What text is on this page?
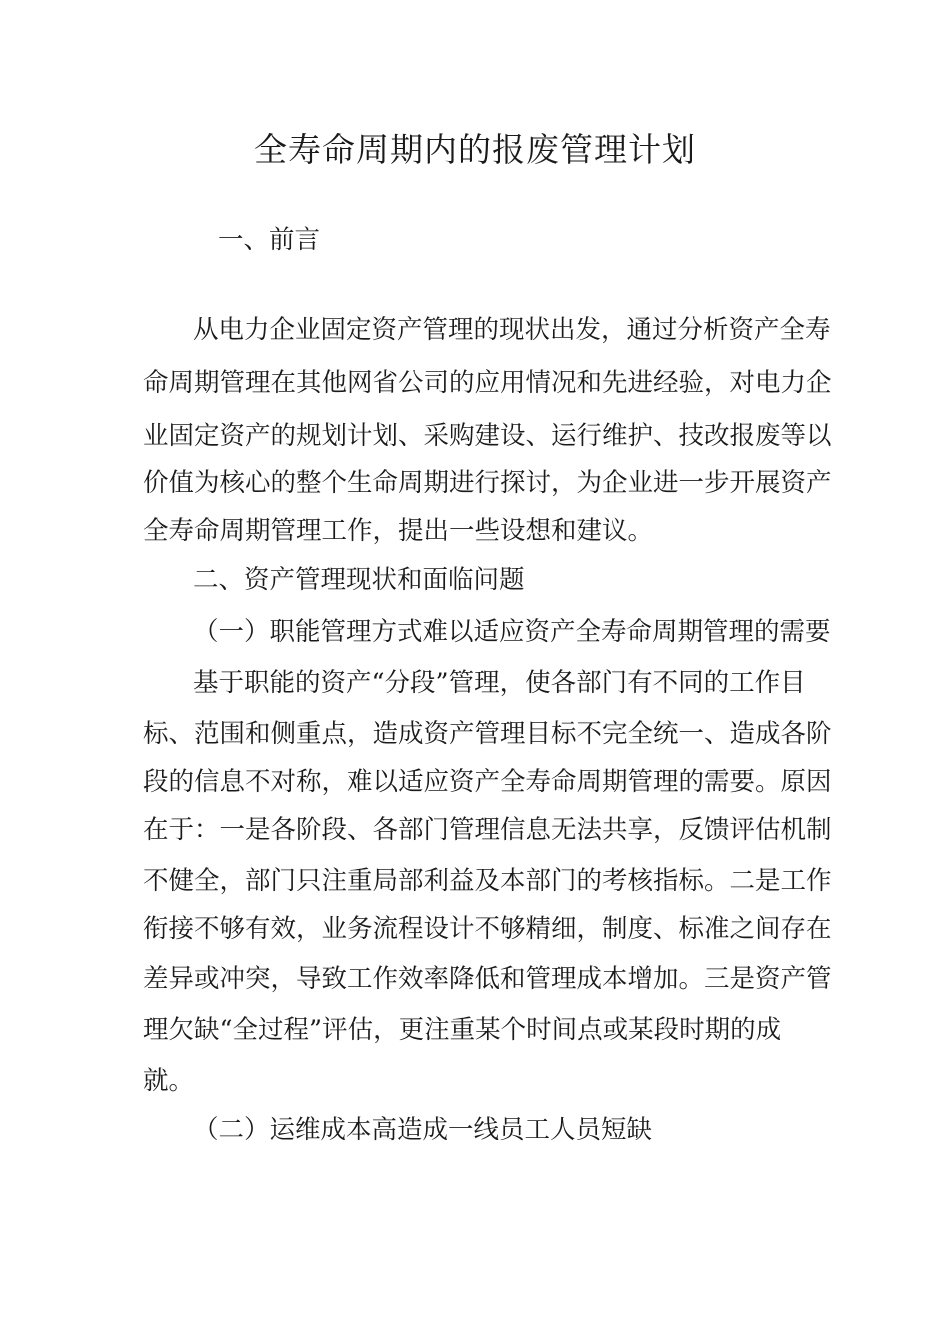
全寿命周期内的报废管理计划

一、前言

从电力企业固定资产管理的现状出发，通过分析资产全寿

命周期管理在其他网省公司的应用情况和先进经验，对电力企

业固定资产的规划计划、采购建设、运行维护、技改报废等以

价值为核心的整个生命周期进行探讨，为企业进一步开展资产

全寿命周期管理工作，提出一些设想和建议。

二、资产管理现状和面临问题

（一）职能管理方式难以适应资产全寿命周期管理的需要

基于职能的资产“分段”管理，使各部门有不同的工作目

标、范围和侧重点，造成资产管理目标不完全统一、造成各阶

段的信息不对称，难以适应资产全寿命周期管理的需要。原因

在于：一是各阶段、各部门管理信息无法共享，反馈评估机制

不健全，部门只注重局部利益及本部门的考核指标。二是工作

衔接不够有效，业务流程设计不够精细，制度、标准之间存在

差异或冲突，导致工作效率降低和管理成本增加。三是资产管

理欠缺“全过程”评估，更注重某个时间点或某段时期的成

就。

（二）运维成本高造成一线员工人员短缺
